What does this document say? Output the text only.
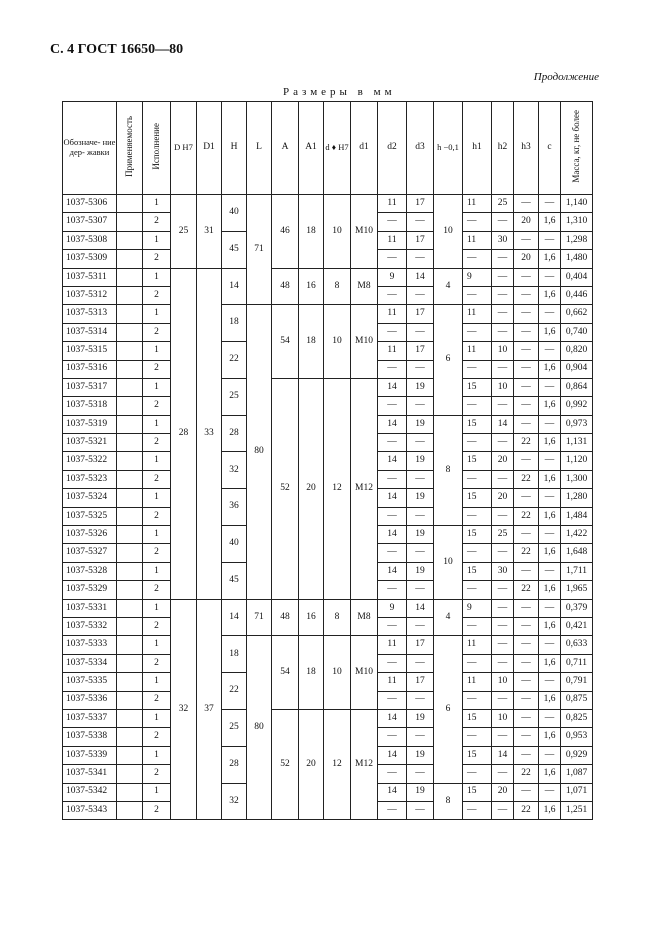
С. 4 ГОСТ 16650—80
Продолжение
Размеры в мм
Обозначе- ние дер- жавки	Применяемость	Исполнение	D H7	D1	H	L	A	A1	d ♦ H7	d1	d2	d3	h −0,1	h1	h2	h3	c	Масса, кг, не более
1037-5306		1	25	31	40	71	46	18	10	M10	11	17	10	11	25	—	—	1,140
1037-5307		2									—	—		—	—	20	1,6	1,310
1037-5308		1			45						11	17		11	30	—	—	1,298
1037-5309		2									—	—		—	—	20	1,6	1,480
1037-5311		1	28	33	14		48	16	8	M8	9	14	4	9	—	—	—	0,404
1037-5312		2									—	—		—	—	—	1,6	0,446
1037-5313		1			18	80	54	18	10	M10	11	17	6	11	—	—	—	0,662
1037-5314		2									—	—		—	—	—	1,6	0,740
1037-5315		1			22						11	17		11	10	—	—	0,820
1037-5316		2									—	—		—	—	—	1,6	0,904
1037-5317		1			25		52	20	12	M12	14	19		15	10	—	—	0,864
1037-5318		2									—	—		—	—	—	1,6	0,992
1037-5319		1			28						14	19	8	15	14	—	—	0,973
1037-5321		2									—	—		—	—	22	1,6	1,131
1037-5322		1			32						14	19		15	20	—	—	1,120
1037-5323		2									—	—		—	—	22	1,6	1,300
1037-5324		1			36						14	19		15	20	—	—	1,280
1037-5325		2									—	—		—	—	22	1,6	1,484
1037-5326		1			40						14	19	10	15	25	—	—	1,422
1037-5327		2									—	—		—	—	22	1,6	1,648
1037-5328		1			45						14	19		15	30	—	—	1,711
1037-5329		2									—	—		—	—	22	1,6	1,965
1037-5331		1	32	37	14	71	48	16	8	M8	9	14	4	9	—	—	—	0,379
1037-5332		2									—	—		—	—	—	1,6	0,421
1037-5333		1			18	80	54	18	10	M10	11	17	6	11	—	—	—	0,633
1037-5334		2									—	—		—	—	—	1,6	0,711
1037-5335		1			22						11	17		11	10	—	—	0,791
1037-5336		2									—	—		—	—	—	1,6	0,875
1037-5337		1			25		52	20	12	M12	14	19		15	10	—	—	0,825
1037-5338		2									—	—		—	—	—	1,6	0,953
1037-5339		1			28						14	19		15	14	—	—	0,929
1037-5341		2									—	—		—	—	22	1,6	1,087
1037-5342		1			32						14	19	8	15	20	—	—	1,071
1037-5343		2									—	—		—	—	22	1,6	1,251
